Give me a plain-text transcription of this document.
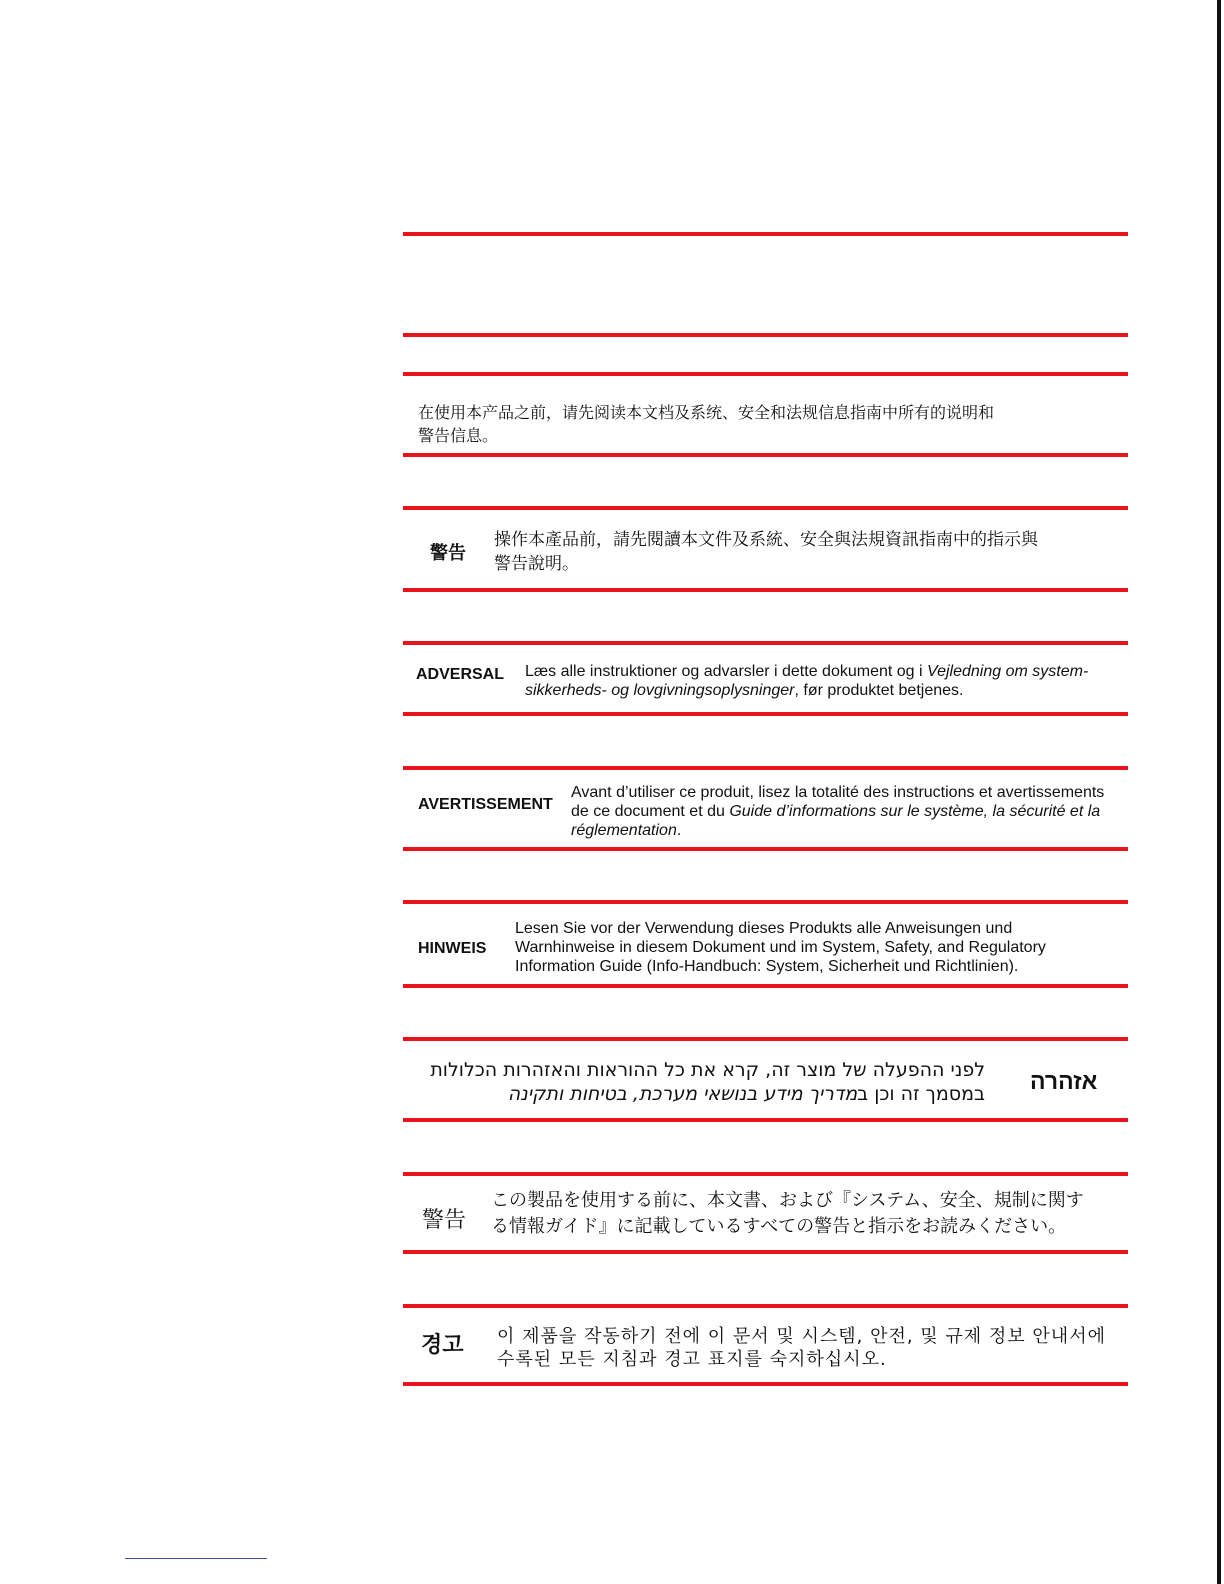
在使用本产品之前，请先阅读本文档及系统、安全和法规信息指南中所有的说明和
警告信息。
警告
操作本產品前，請先閱讀本文件及系統、安全與法規資訊指南中的指示與
警告說明。
ADVERSAL Læs alle instruktioner og advarsler i dette dokument og i Vejledning om system-
sikkerheds- og lovgivningsoplysninger, før produktet betjenes.
AVERTISSEMENT
Avant d’utiliser ce produit, lisez la totalité des instructions et avertissements
de ce document et du Guide d’informations sur le système, la sécurité et la
réglementation.
HINWEIS
Lesen Sie vor der Verwendung dieses Produkts alle Anweisungen und
Warnhinweise in diesem Dokument und im System, Safety, and Regulatory
Information Guide (Info-Handbuch: System, Sicherheit und Richtlinien).
לפני ההפעלה של מוצר זה, קרא את כל ההוראות והאזהרות הכלולות
במסמך זה וכן במדריך מידע בנושאי מערכת, בטיחות ותקינה	אזהרה
警告
この製品を使用する前に、本文書、および『システム、安全、規制に関す
る情報ガイド』に記載しているすべての警告と指示をお読みください。
경고 이 제품을 작동하기 전에 이 문서 및 시스템, 안전, 및 규제 정보 안내서에
수록된 모든 지침과 경고 표지를 숙지하십시오.
